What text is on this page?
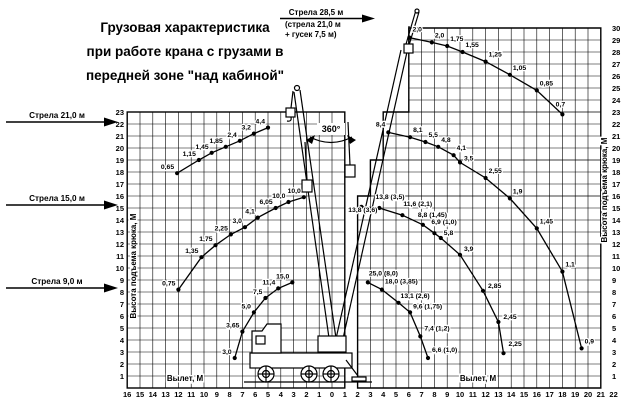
Грузовая характеристика
при работе крана с грузами в
передней зоне "над кабиной"
0,65
1,15
1,45
1,85
2,4
3,2
4,4
0,75
1,35
1,75
2,25
3,0
4,1
6,05
10,0
10,0
3,0
3,65
5,0
7,5
11,4
15,0
2,0
2,0
1,75
1,55
1,25
1,05
0,85
0,7
8,4
8,1
5,5
4,8
4,1
3,5
2,55
1,9
1,45
1,1
0,9
13,8 (3,5)
13,8 (3,6)
11,6 (2,1)
8,8 (1,45)
6,9 (1,0)
5,8
3,9
2,85
2,45
2,25
25,0 (8,0)
18,0 (3,85)
13,1 (2,6)
9,6 (1,75)
7,4 (1,2)
6,6 (1,0)
16 15 14 13 12 11 10 9 8 7 6 5 4 3 2 1 0 1 2 3 4 5 6 7 8 9 10 11 12 13 14 15 16 17 18 19 20 21 22
1
2
3
4
5
6
7
8
9
10
11
12
13
14
15
16
17
18
19
20
21
22
23
1
2
3
4
5
6
7
8
9
10
11
12
13
14
15
16
17
18
19
20
21
22
23
24
25
26
27
28
29
30
Вылет, М	Вылет, М
Высота подъема крюка, М
Высота подъема крюка, М
Стрела 21,0 м
Стрела 15,0 м
Стрела 9,0 м
Стрела 28,5 м
(стрела 21,0 м
+ гусек 7,5 м)
360°
